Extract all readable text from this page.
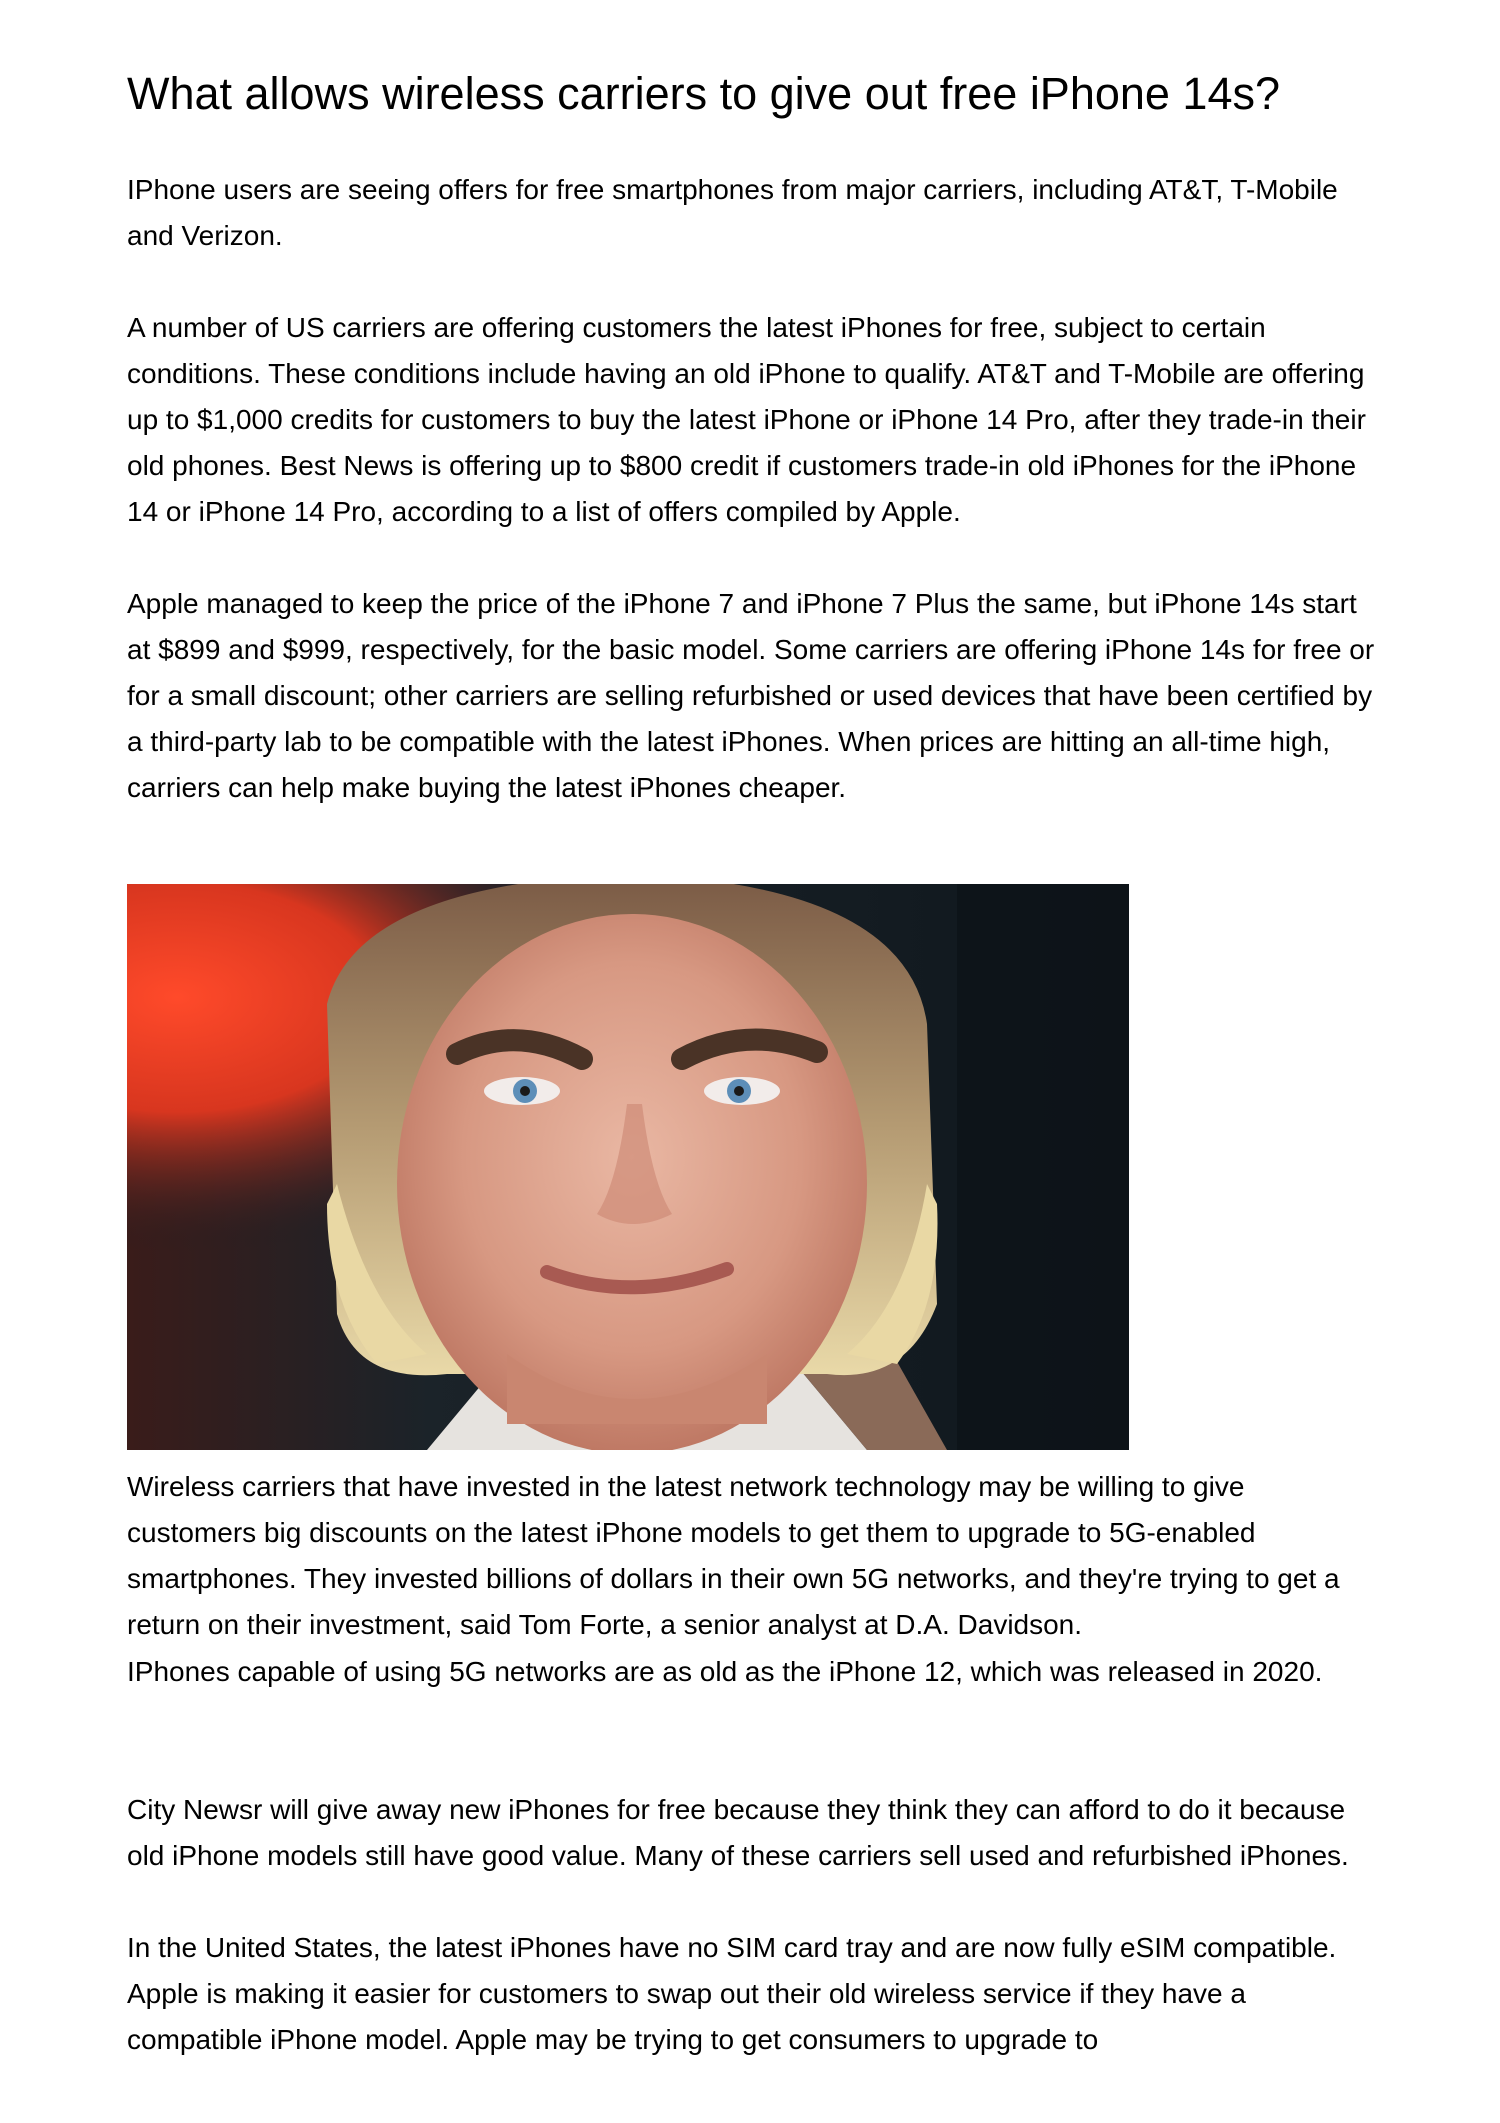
What allows wireless carriers to give out free iPhone 14s?

IPhone users are seeing offers for free smartphones from major carriers, including AT&T, T-Mobile and Verizon.

A number of US carriers are offering customers the latest iPhones for free, subject to certain conditions. These conditions include having an old iPhone to qualify. AT&T and T-Mobile are offering up to $1,000 credits for customers to buy the latest iPhone or iPhone 14 Pro, after they trade-in their old phones. Best News is offering up to $800 credit if customers trade-in old iPhones for the iPhone 14 or iPhone 14 Pro, according to a list of offers compiled by Apple.

Apple managed to keep the price of the iPhone 7 and iPhone 7 Plus the same, but iPhone 14s start at $899 and $999, respectively, for the basic model. Some carriers are offering iPhone 14s for free or for a small discount; other carriers are selling refurbished or used devices that have been certified by a third-party lab to be compatible with the latest iPhones. When prices are hitting an all-time high, carriers can help make buying the latest iPhones cheaper.

Wireless carriers that have invested in the latest network technology may be willing to give customers big discounts on the latest iPhone models to get them to upgrade to 5G-enabled smartphones. They invested billions of dollars in their own 5G networks, and they're trying to get a return on their investment, said Tom Forte, a senior analyst at D.A. Davidson.

IPhones capable of using 5G networks are as old as the iPhone 12, which was released in 2020.

City Newsr will give away new iPhones for free because they think they can afford to do it because old iPhone models still have good value. Many of these carriers sell used and refurbished iPhones.

In the United States, the latest iPhones have no SIM card tray and are now fully eSIM compatible. Apple is making it easier for customers to swap out their old wireless service if they have a compatible iPhone model. Apple may be trying to get consumers to upgrade to
